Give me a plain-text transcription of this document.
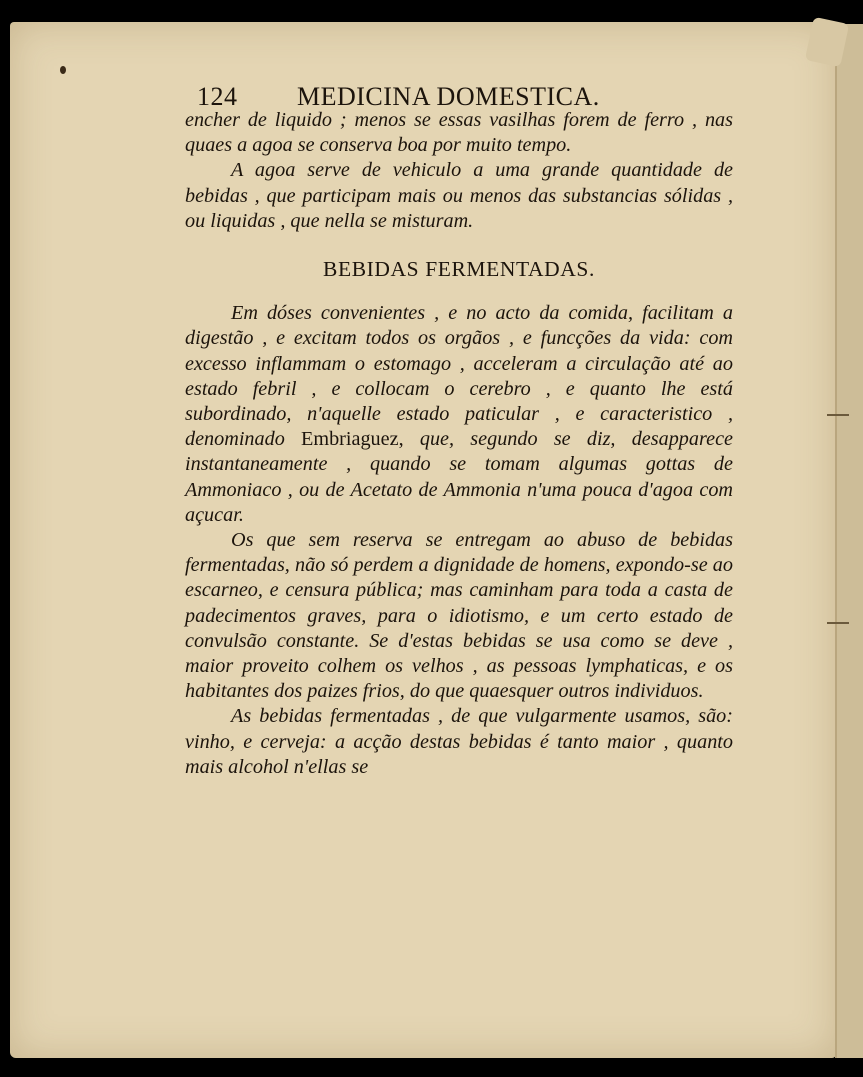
124 MEDICINA DOMESTICA.

encher de liquido ; menos se essas vasilhas forem de ferro , nas quaes a agoa se conserva boa por muito tempo.

A agoa serve de vehiculo a uma grande quantidade de bebidas , que participam mais ou menos das substancias sólidas , ou liquidas , que nella se misturam.

BEBIDAS FERMENTADAS.

Em dóses convenientes , e no acto da comida, facilitam a digestão , e excitam todos os orgãos , e funcções da vida: com excesso inflammam o estomago , acceleram a circulação até ao estado febril , e collocam o cerebro , e quanto lhe está subordinado, n'aquelle estado paticular , e caracteristico , denominado Embriaguez, que, segundo se diz, desapparece instantaneamente , quando se tomam algumas gottas de Ammoniaco , ou de Acetato de Ammonia n'uma pouca d'agoa com açucar.

Os que sem reserva se entregam ao abuso de bebidas fermentadas, não só perdem a dignidade de homens, expondo-se ao escarneo, e censura pública; mas caminham para toda a casta de padecimentos graves, para o idiotismo, e um certo estado de convulsão constante. Se d'estas bebidas se usa como se deve , maior proveito colhem os velhos , as pessoas lymphaticas, e os habitantes dos paizes frios, do que quaesquer outros individuos.

As bebidas fermentadas , de que vulgarmente usamos, são: vinho, e cerveja: a acção destas bebidas é tanto maior , quanto mais alcohol n'ellas se
